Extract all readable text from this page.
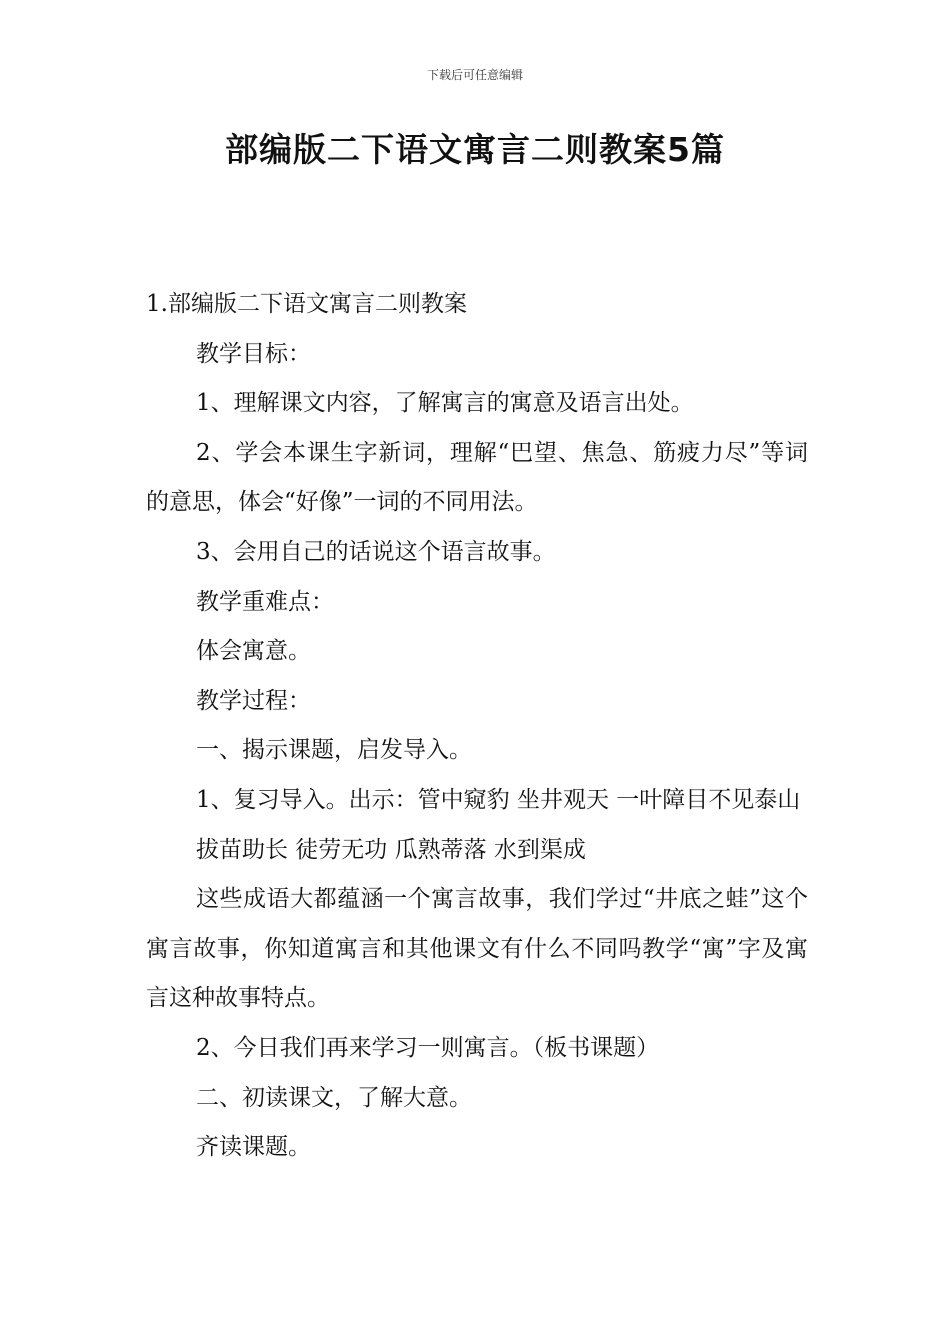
下载后可任意编辑
部编版二下语文寓言二则教案5篇

1.部编版二下语文寓言二则教案

教学目标：

1、理解课文内容，了解寓言的寓意及语言出处。

2、学会本课生字新词，理解“巴望、焦急、筋疲力尽”等词的意思，体会“好像”一词的不同用法。

3、会用自己的话说这个语言故事。

教学重难点：

体会寓意。

教学过程：

一、揭示课题，启发导入。

1、复习导入。出示：管中窥豹 坐井观天 一叶障目不见泰山

拔苗助长 徒劳无功 瓜熟蒂落 水到渠成

这些成语大都蕴涵一个寓言故事，我们学过“井底之蛙”这个寓言故事，你知道寓言和其他课文有什么不同吗教学“寓”字及寓言这种故事特点。

2、今日我们再来学习一则寓言。（板书课题）

二、初读课文，了解大意。

齐读课题。
